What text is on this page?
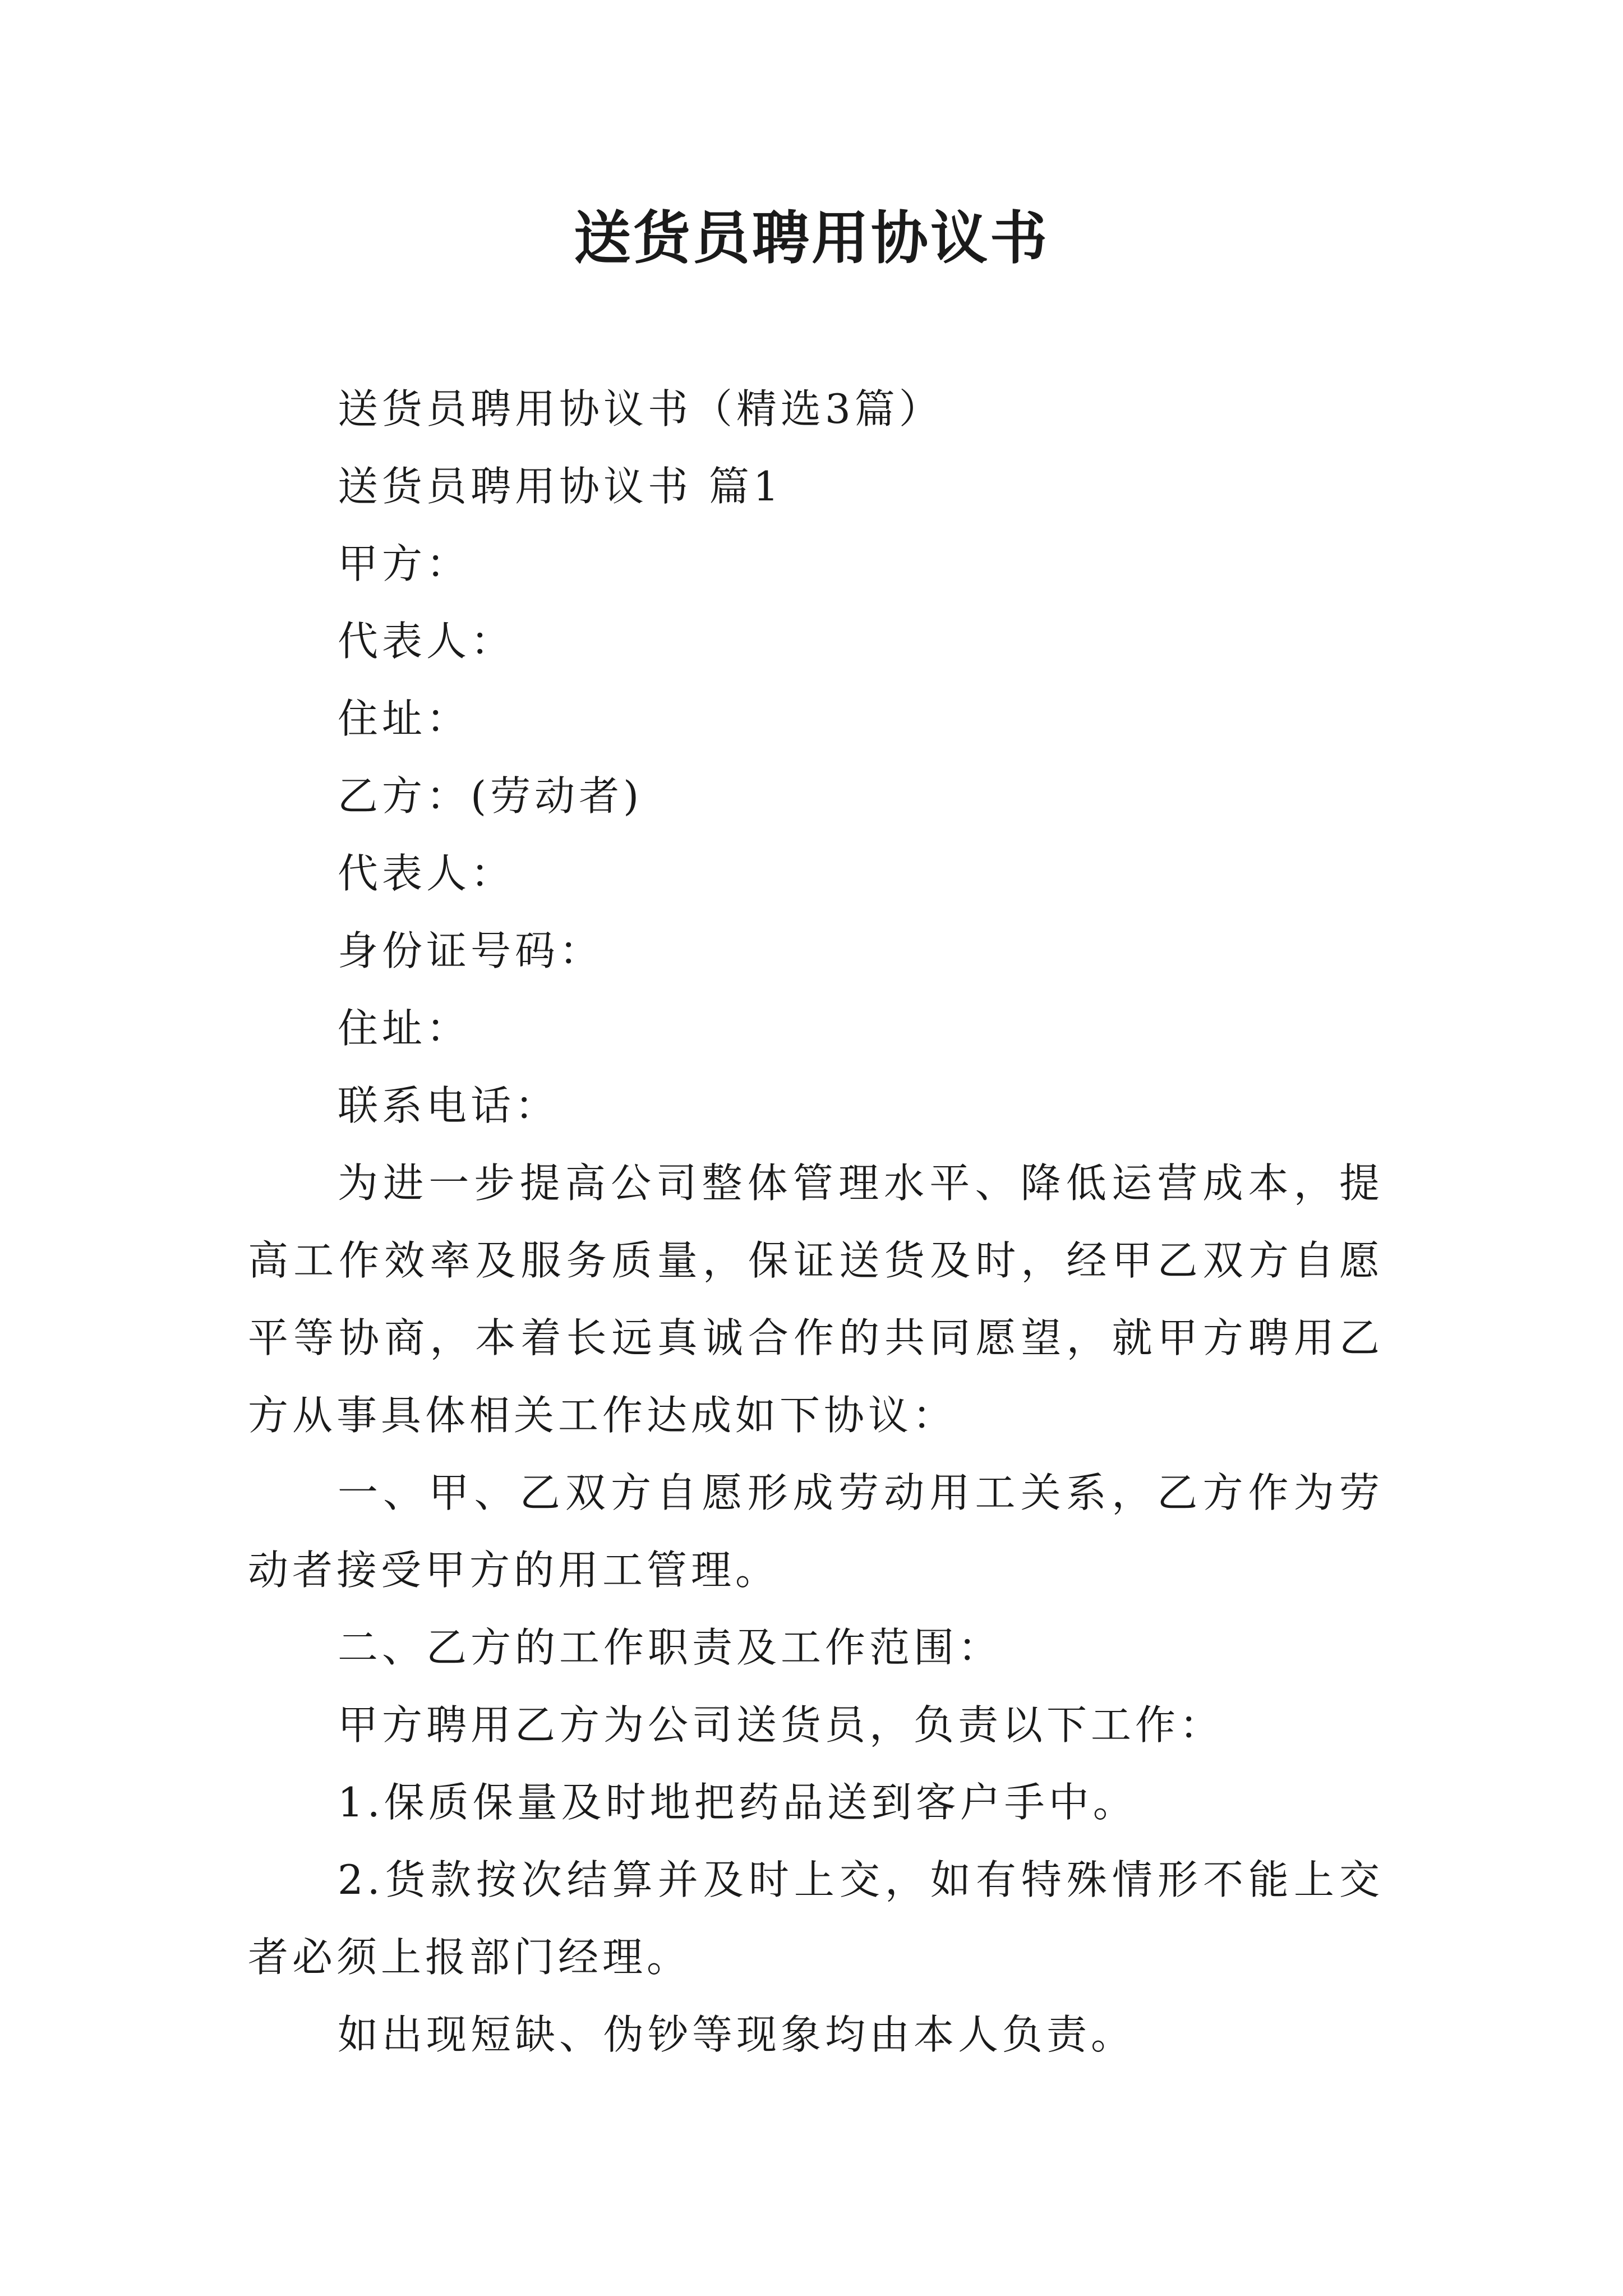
送货员聘用协议书

送货员聘用协议书（精选3篇）

送货员聘用协议书 篇1

甲方：

代表人：

住址：

乙方：(劳动者)

代表人：

身份证号码：

住址：

联系电话：

为进一步提高公司整体管理水平、降低运营成本，提高工作效率及服务质量，保证送货及时，经甲乙双方自愿平等协商，本着长远真诚合作的共同愿望，就甲方聘用乙方从事具体相关工作达成如下协议：

一、甲、乙双方自愿形成劳动用工关系，乙方作为劳动者接受甲方的用工管理。

二、乙方的工作职责及工作范围：

甲方聘用乙方为公司送货员，负责以下工作：

1.保质保量及时地把药品送到客户手中。

2.货款按次结算并及时上交，如有特殊情形不能上交者必须上报部门经理。

如出现短缺、伪钞等现象均由本人负责。
